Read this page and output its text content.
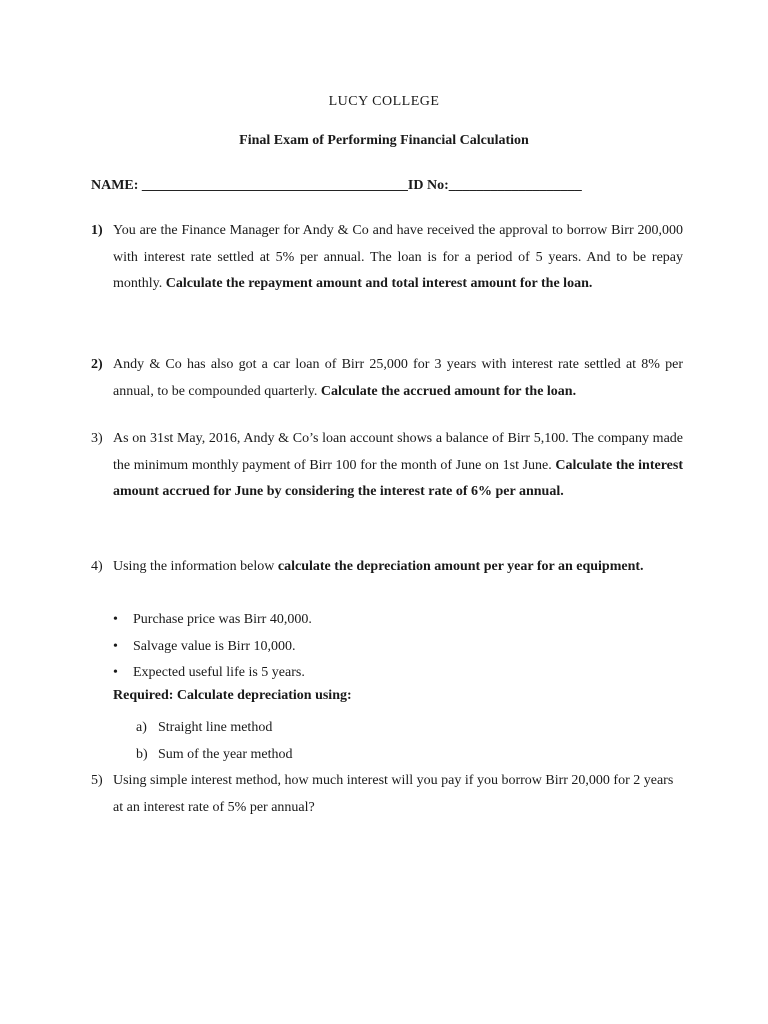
LUCY COLLEGE
Final Exam of Performing Financial Calculation
NAME: ______________________________________ID No:___________________
1) You are the Finance Manager for Andy & Co and have received the approval to borrow Birr 200,000 with interest rate settled at 5% per annual. The loan is for a period of 5 years. And to be repay monthly. Calculate the repayment amount and total interest amount for the loan.
2) Andy & Co has also got a car loan of Birr 25,000 for 3 years with interest rate settled at 8% per annual, to be compounded quarterly. Calculate the accrued amount for the loan.
3) As on 31st May, 2016, Andy & Co’s loan account shows a balance of Birr 5,100. The company made the minimum monthly payment of Birr 100 for the month of June on 1st June. Calculate the interest amount accrued for June by considering the interest rate of 6% per annual.
4) Using the information below calculate the depreciation amount per year for an equipment.
• Purchase price was Birr 40,000.
• Salvage value is Birr 10,000.
• Expected useful life is 5 years.
Required: Calculate depreciation using:
a) Straight line method
b) Sum of the year method
5) Using simple interest method, how much interest will you pay if you borrow Birr 20,000 for 2 years at an interest rate of 5% per annual?
